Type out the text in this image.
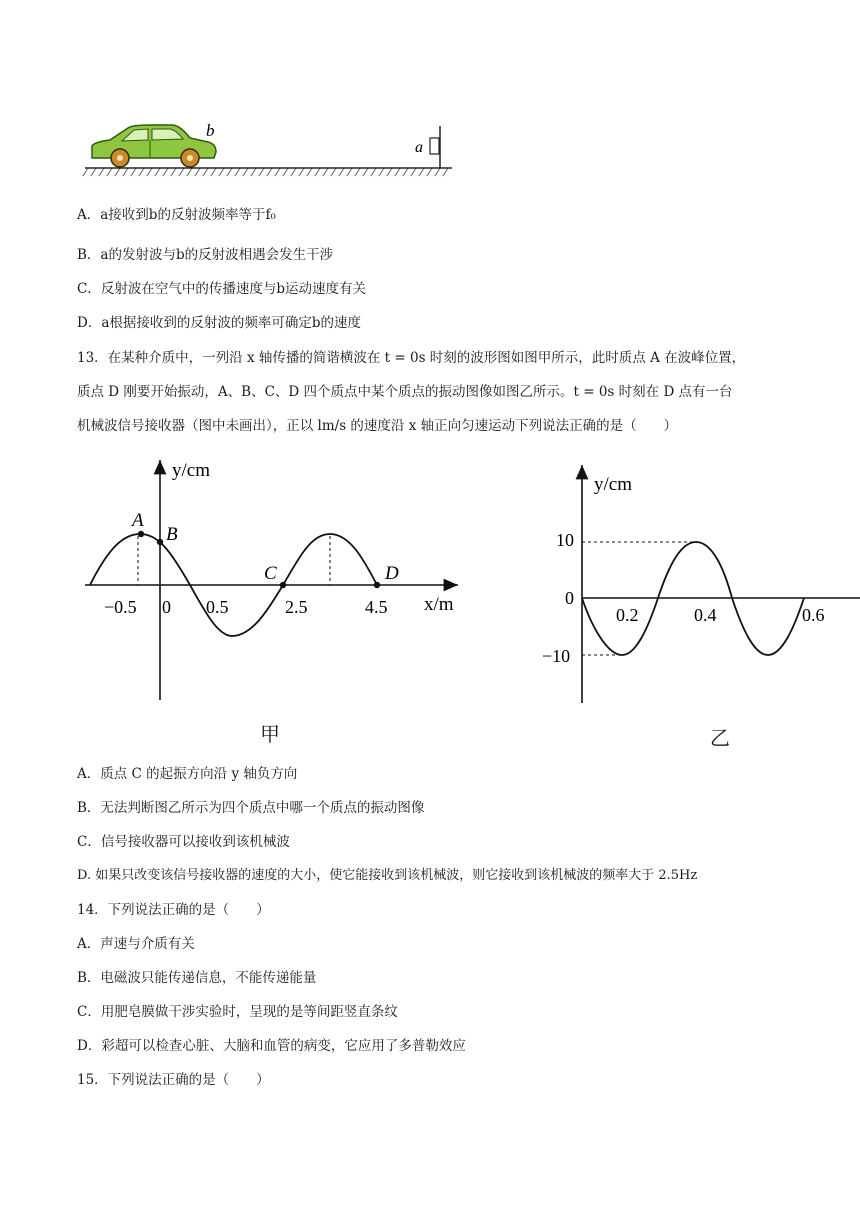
b
a
A．a接收到b的反射波频率等于f₀
B．a的发射波与b的反射波相遇会发生干涉
C．反射波在空气中的传播速度与b运动速度有关
D．a根据接收到的反射波的频率可确定b的速度
13．在某种介质中，一列沿 x 轴传播的简谐横波在 t = 0s 时刻的波形图如图甲所示，此时质点 A 在波峰位置，
质点 D 刚要开始振动，A、B、C、D 四个质点中某个质点的振动图像如图乙所示。t = 0s 时刻在 D 点有一台
机械波信号接收器（图中未画出），正以 lm/s 的速度沿 x 轴正向匀速运动下列说法正确的是（　　）
A
B
C	D
y/cm
x/m
−0.5 0 0.5	2.5	4.5
甲
y/cm
10
0
−10
0.2	0.4	0.6
乙
A．质点 C 的起振方向沿 y 轴负方向
B．无法判断图乙所示为四个质点中哪一个质点的振动图像
C．信号接收器可以接收到该机械波
D. 如果只改变该信号接收器的速度的大小，使它能接收到该机械波，则它接收到该机械波的频率大于 2.5Hz
14．下列说法正确的是（　　）
A．声速与介质有关
B．电磁波只能传递信息，不能传递能量
C．用肥皂膜做干涉实验时，呈现的是等间距竖直条纹
D．彩超可以检查心脏、大脑和血管的病变，它应用了多普勒效应
15．下列说法正确的是（　　）
